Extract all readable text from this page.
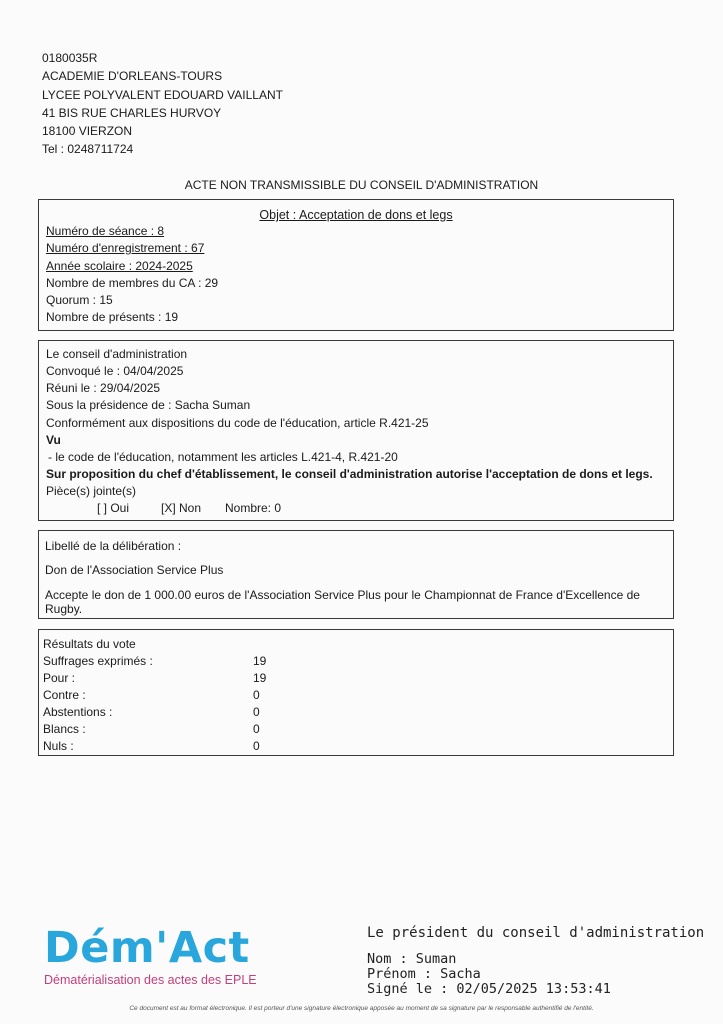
0180035R
ACADEMIE D'ORLEANS-TOURS
LYCEE POLYVALENT EDOUARD VAILLANT
41 BIS RUE CHARLES HURVOY
18100 VIERZON
Tel : 0248711724
ACTE NON TRANSMISSIBLE DU CONSEIL D'ADMINISTRATION
Objet : Acceptation de dons et legs
Numéro de séance : 8
Numéro d'enregistrement : 67
Année scolaire : 2024-2025
Nombre de membres du CA : 29
Quorum : 15
Nombre de présents : 19
Le conseil d'administration
Convoqué le : 04/04/2025
Réuni le : 29/04/2025
Sous la présidence de : Sacha Suman
Conformément aux dispositions du code de l'éducation, article R.421-25
Vu
- le code de l'éducation, notamment les articles L.421-4, R.421-20
Sur proposition du chef d'établissement, le conseil d'administration autorise l'acceptation de dons et legs.
Pièce(s) jointe(s)
[ ] Oui	[X] Non Nombre: 0
Libellé de la délibération :
Don de l'Association Service Plus
Accepte le don de 1 000.00 euros de l'Association Service Plus pour le Championnat de France d'Excellence de
Rugby.
Résultats du vote
Suffrages exprimés :	19
Pour :	19
Contre :	0
Abstentions :	0
Blancs :	0
Nuls :	0
Dém'Act
Dématérialisation des actes des EPLE
Le président du conseil d'administration
Nom : Suman
Prénom : Sacha
Signé le : 02/05/2025 13:53:41
Ce document est au format électronique. Il est porteur d'une signature électronique apposée au moment de sa signature par le responsable authentifié de l'entité.
